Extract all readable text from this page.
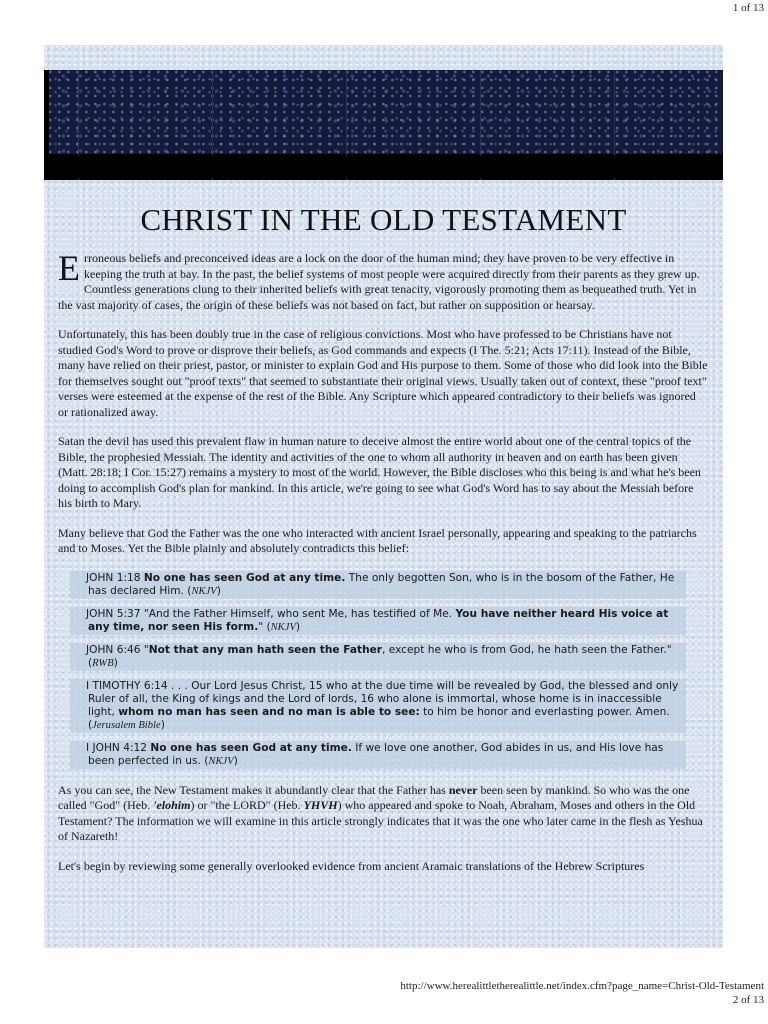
1 of 13
CHRIST IN THE OLD TESTAMENT

Erroneous beliefs and preconceived ideas are a lock on the door of the human mind; they have proven to be very effective in keeping the truth at bay. In the past, the belief systems of most people were acquired directly from their parents as they grew up. Countless generations clung to their inherited beliefs with great tenacity, vigorously promoting them as bequeathed truth. Yet in the vast majority of cases, the origin of these beliefs was not based on fact, but rather on supposition or hearsay.

Unfortunately, this has been doubly true in the case of religious convictions. Most who have professed to be Christians have not studied God's Word to prove or disprove their beliefs, as God commands and expects (I The. 5:21; Acts 17:11). Instead of the Bible, many have relied on their priest, pastor, or minister to explain God and His purpose to them. Some of those who did look into the Bible for themselves sought out "proof texts" that seemed to substantiate their original views. Usually taken out of context, these "proof text" verses were esteemed at the expense of the rest of the Bible. Any Scripture which appeared contradictory to their beliefs was ignored or rationalized away.

Satan the devil has used this prevalent flaw in human nature to deceive almost the entire world about one of the central topics of the Bible, the prophesied Messiah. The identity and activities of the one to whom all authority in heaven and on earth has been given (Matt. 28:18; I Cor. 15:27) remains a mystery to most of the world. However, the Bible discloses who this being is and what he's been doing to accomplish God's plan for mankind. In this article, we're going to see what God's Word has to say about the Messiah before his birth to Mary.

Many believe that God the Father was the one who interacted with ancient Israel personally, appearing and speaking to the patriarchs and to Moses. Yet the Bible plainly and absolutely contradicts this belief:

JOHN 1:18 No one has seen God at any time. The only begotten Son, who is in the bosom of the Father, He has declared Him. (NKJV)
JOHN 5:37 "And the Father Himself, who sent Me, has testified of Me. You have neither heard His voice at any time, nor seen His form." (NKJV)
JOHN 6:46 "Not that any man hath seen the Father, except he who is from God, he hath seen the Father." (RWB)
I TIMOTHY 6:14 . . . Our Lord Jesus Christ, 15 who at the due time will be revealed by God, the blessed and only Ruler of all, the King of kings and the Lord of lords, 16 who alone is immortal, whose home is in inaccessible light, whom no man has seen and no man is able to see: to him be honor and everlasting power. Amen. (Jerusalem Bible)
I JOHN 4:12 No one has seen God at any time. If we love one another, God abides in us, and His love has been perfected in us. (NKJV)

As you can see, the New Testament makes it abundantly clear that the Father has never been seen by mankind. So who was the one called "God" (Heb. 'elohim) or "the LORD" (Heb. YHVH) who appeared and spoke to Noah, Abraham, Moses and others in the Old Testament? The information we will examine in this article strongly indicates that it was the one who later came in the flesh as Yeshua of Nazareth!

Let's begin by reviewing some generally overlooked evidence from ancient Aramaic translations of the Hebrew Scriptures

http://www.herealittletherealittle.net/index.cfm?page_name=Christ-Old-Testament
2 of 13
